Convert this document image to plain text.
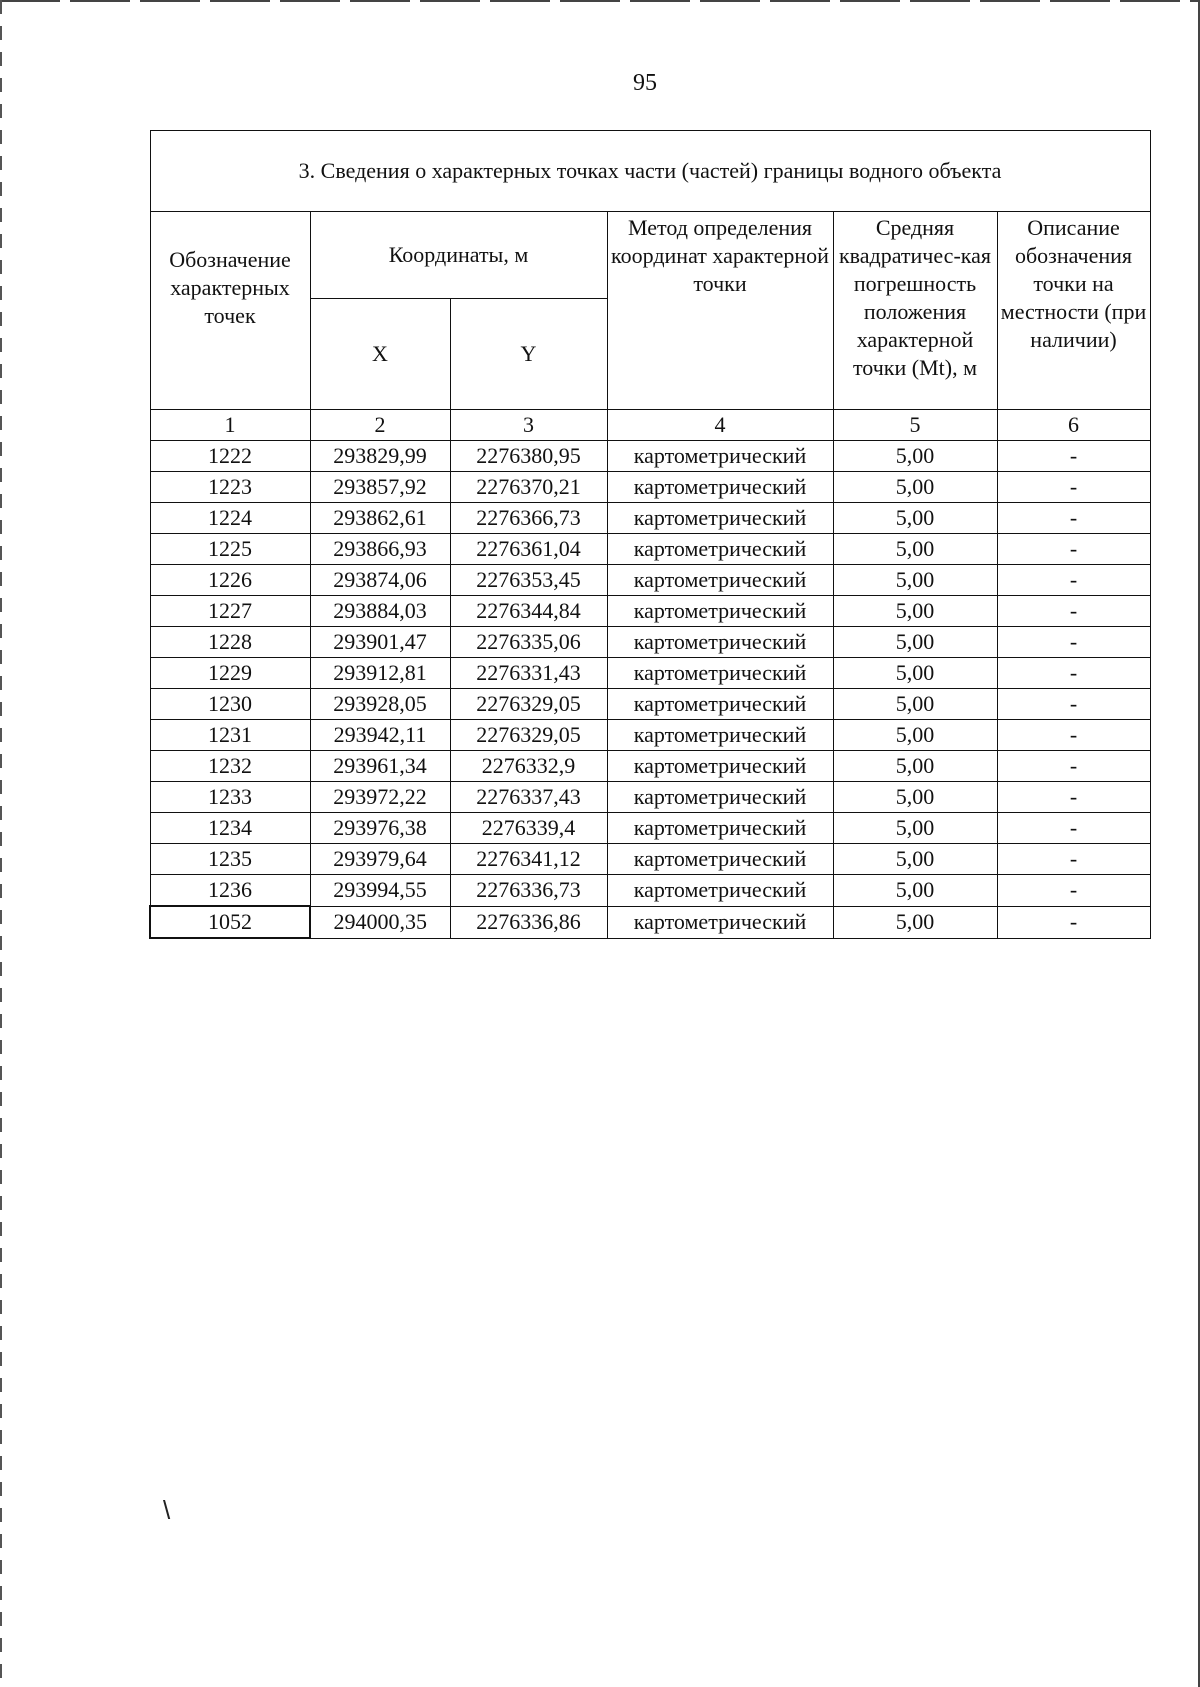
95
3. Сведения о характерных точках части (частей) границы водного объекта					
Обозначение характерных точек	Координаты, м		Метод определения координат характерной точки	Средняя квадратичес-кая погрешность положения характерной точки (Mt), м	Описание обозначения точки на местности (при наличии)
	X	Y			
1	2	3	4	5	6
1222	293829,99	2276380,95	картометрический	5,00	-
1223	293857,92	2276370,21	картометрический	5,00	-
1224	293862,61	2276366,73	картометрический	5,00	-
1225	293866,93	2276361,04	картометрический	5,00	-
1226	293874,06	2276353,45	картометрический	5,00	-
1227	293884,03	2276344,84	картометрический	5,00	-
1228	293901,47	2276335,06	картометрический	5,00	-
1229	293912,81	2276331,43	картометрический	5,00	-
1230	293928,05	2276329,05	картометрический	5,00	-
1231	293942,11	2276329,05	картометрический	5,00	-
1232	293961,34	2276332,9	картометрический	5,00	-
1233	293972,22	2276337,43	картометрический	5,00	-
1234	293976,38	2276339,4	картометрический	5,00	-
1235	293979,64	2276341,12	картометрический	5,00	-
1236	293994,55	2276336,73	картометрический	5,00	-
1052	294000,35	2276336,86	картометрический	5,00	-
\
